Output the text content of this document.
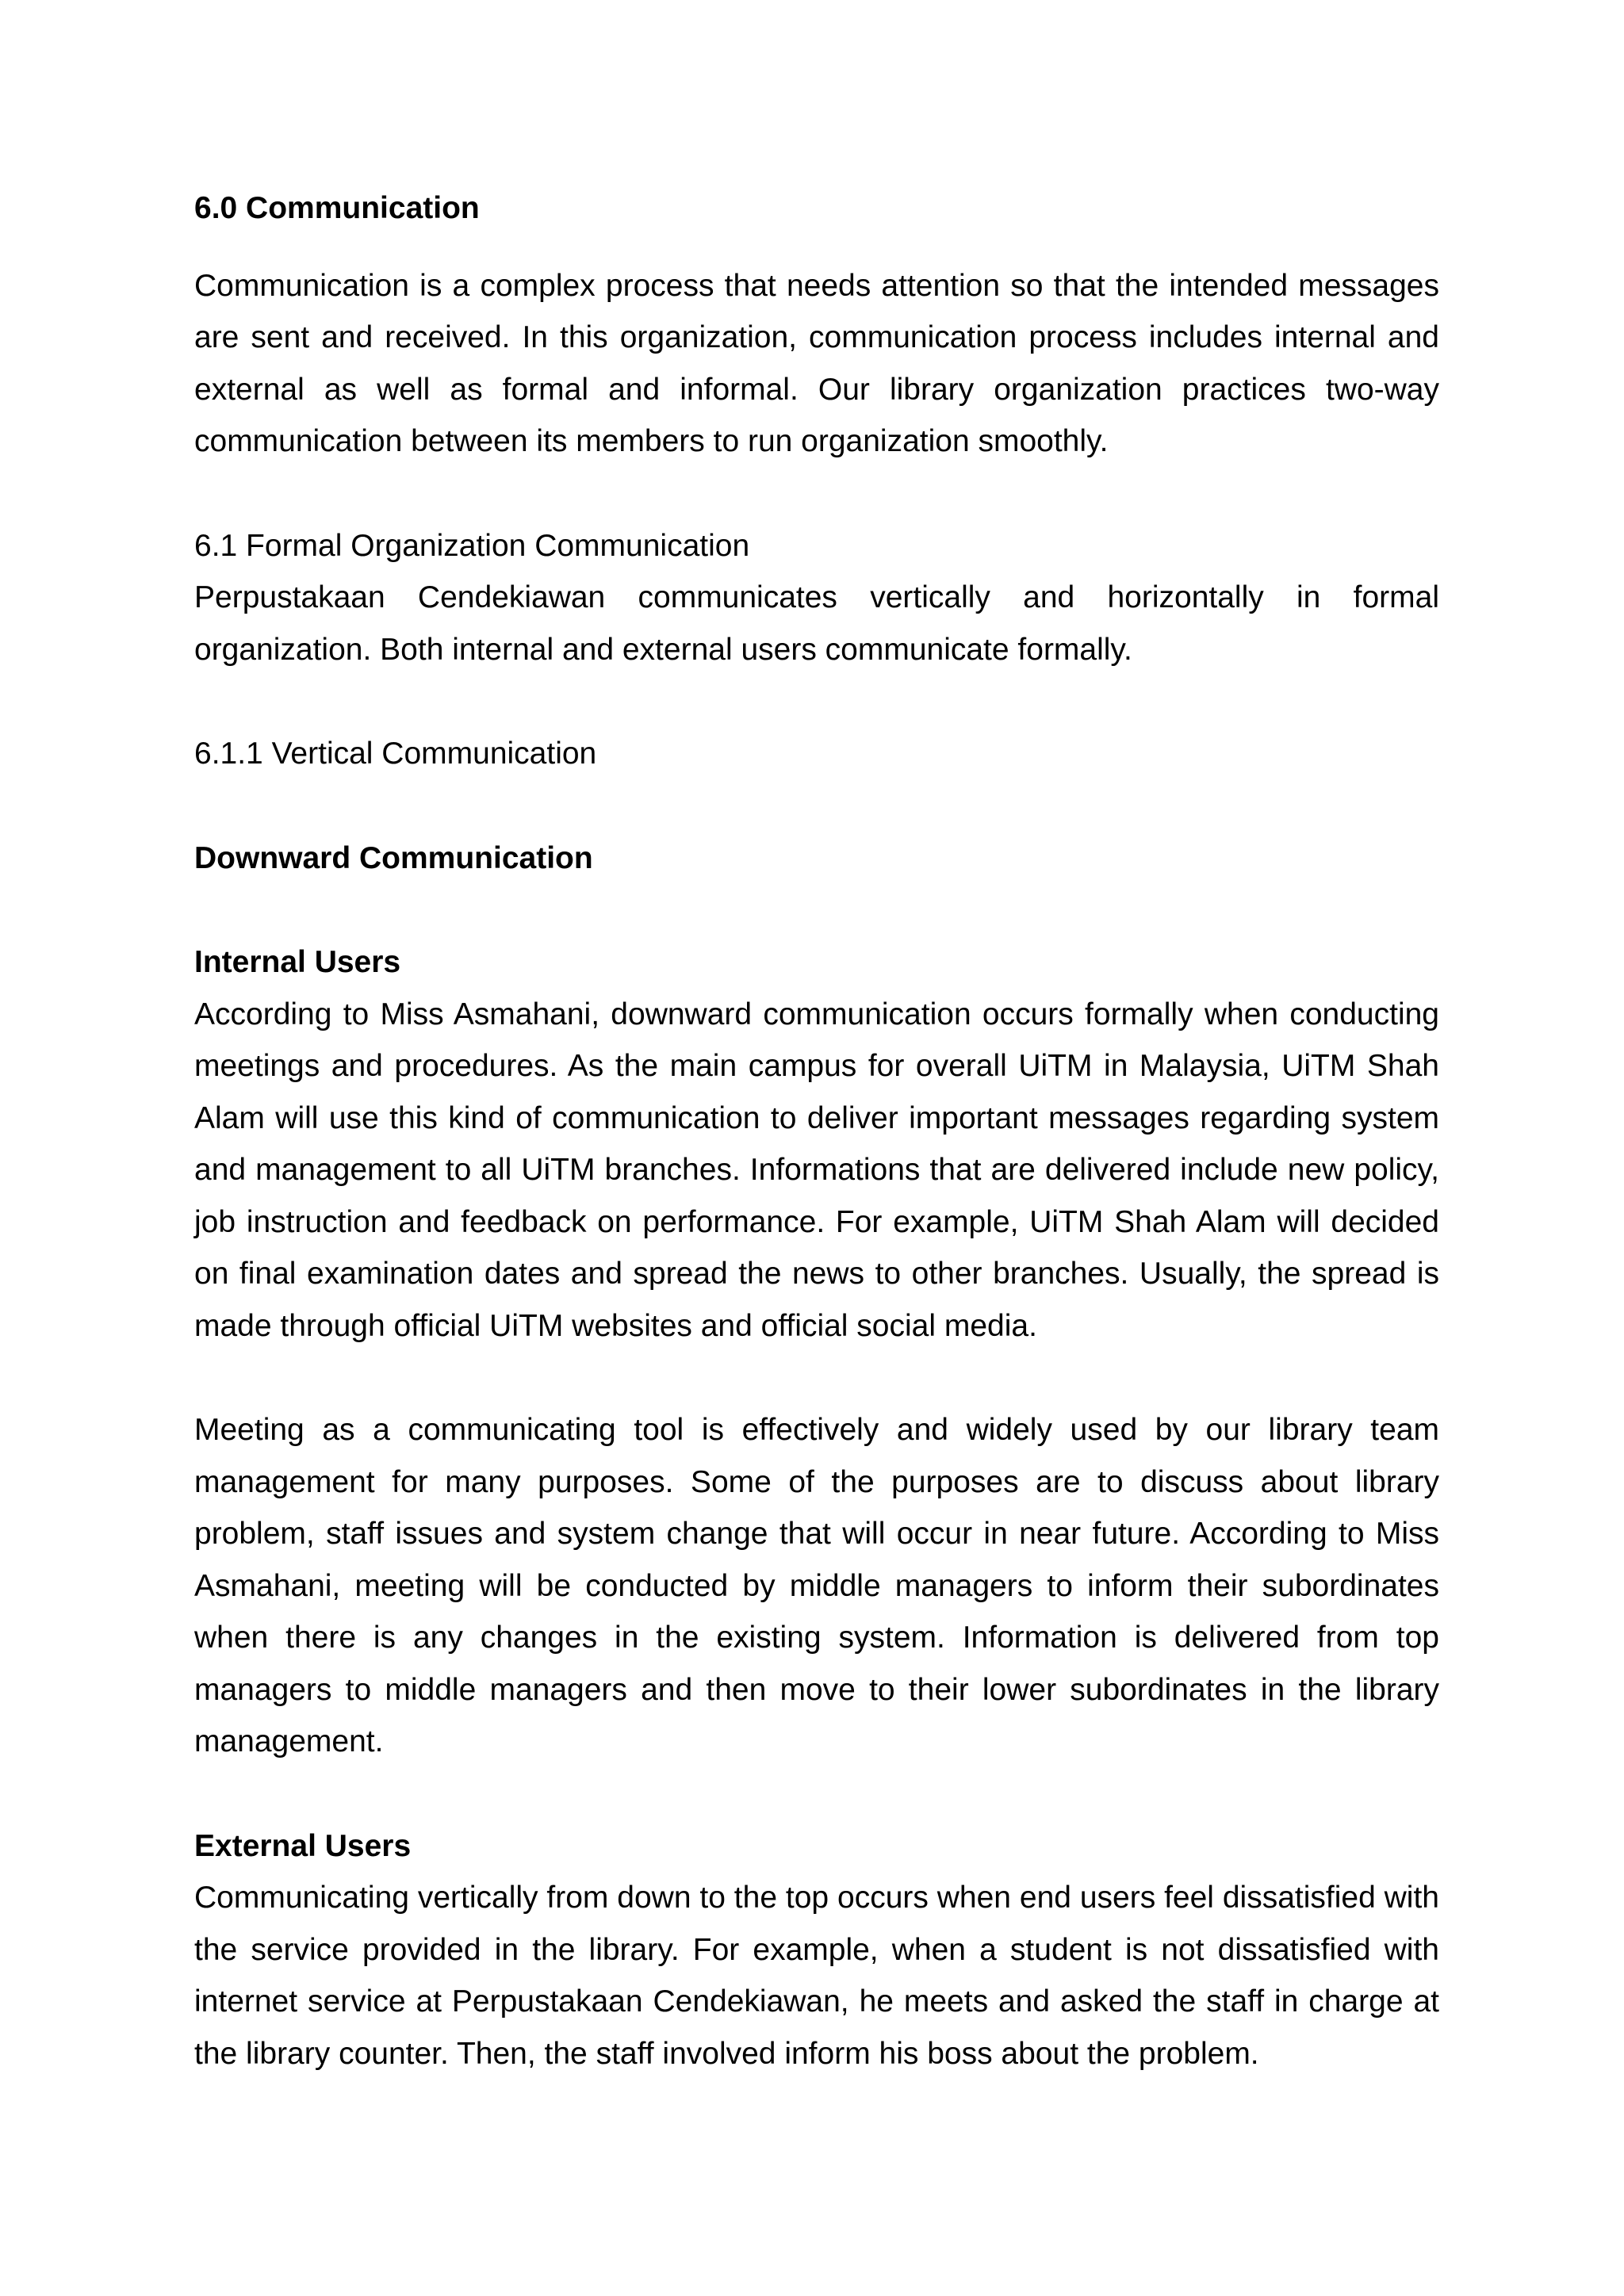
6.0 Communication

Communication is a complex process that needs attention so that the intended messages are sent and received. In this organization, communication process includes internal and external as well as formal and informal. Our library organization practices two-way communication between its members to run organization smoothly.

6.1 Formal Organization Communication

Perpustakaan Cendekiawan communicates vertically and horizontally in formal organization. Both internal and external users communicate formally.

6.1.1 Vertical Communication

Downward Communication

Internal Users

According to Miss Asmahani, downward communication occurs formally when conducting meetings and procedures. As the main campus for overall UiTM in Malaysia, UiTM Shah Alam will use this kind of communication to deliver important messages regarding system and management to all UiTM branches. Informations that are delivered include new policy, job instruction and feedback on performance. For example, UiTM Shah Alam will decided on final examination dates and spread the news to other branches. Usually, the spread is made through official UiTM websites and official social media.

Meeting as a communicating tool is effectively and widely used by our library team management for many purposes. Some of the purposes are to discuss about library problem, staff issues and system change that will occur in near future. According to Miss Asmahani, meeting will be conducted by middle managers to inform their subordinates when there is any changes in the existing system. Information is delivered from top managers to middle managers and then move to their lower subordinates in the library management.

External Users

Communicating vertically from down to the top occurs when end users feel dissatisfied with the service provided in the library. For example, when a student is not dissatisfied with internet service at Perpustakaan Cendekiawan, he meets and asked the staff in charge at the library counter. Then, the staff involved inform his boss about the problem.
